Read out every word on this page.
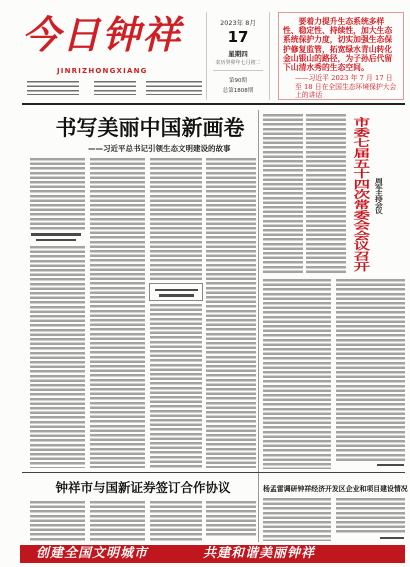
今日钟祥
JINRIZHONGXIANG
2023年 8月
17
星期四
农历癸卯年七月初二
第90期
总第1808期
要着力提升生态系统多样性、稳定性、持续性，加大生态系统保护力度，切实加强生态保护修复监管，拓宽绿水青山转化金山银山的路径，为子孙后代留下山清水秀的生态空间。
——习近平 2023 年 7 月 17 日至 18 日在全国生态环境保护大会上的讲话
书写美丽中国新画卷
——习近平总书记引领生态文明建设的故事	市委七届五十四次常委会会议召开 周军主持会议
钟祥市与国新证券签订合作协议	杨孟雷调研钟祥经济开发区企业和项目建设情况
创建全国文明城市	共建和谐美丽钟祥
